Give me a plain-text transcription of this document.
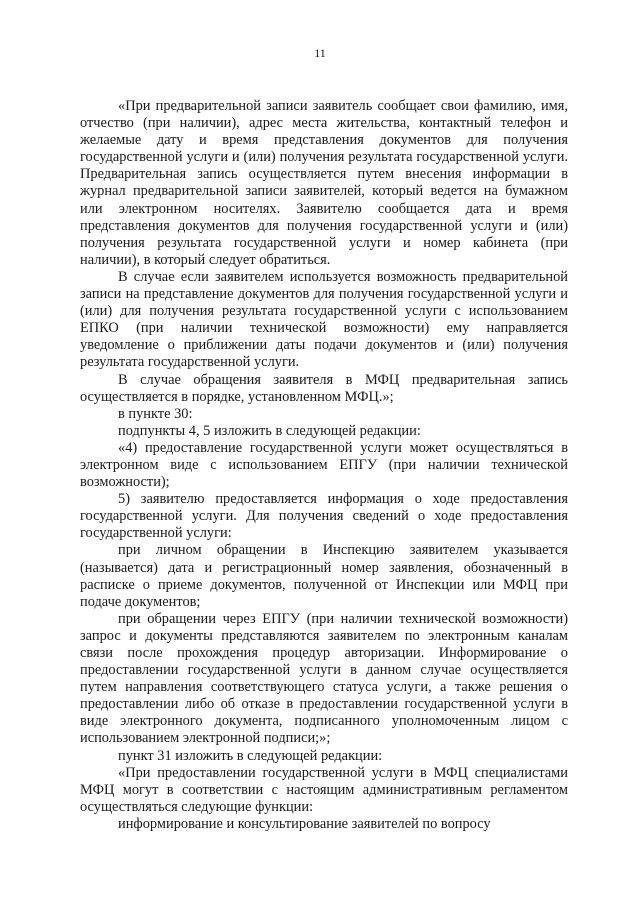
11

«При предварительной записи заявитель сообщает свои фамилию, имя, отчество (при наличии), адрес места жительства, контактный телефон и желаемые дату и время представления документов для получения государственной услуги и (или) получения результата государственной услуги. Предварительная запись осуществляется путем внесения информации в журнал предварительной записи заявителей, который ведется на бумажном или электронном носителях. Заявителю сообщается дата и время представления документов для получения государственной услуги и (или) получения результата государственной услуги и номер кабинета (при наличии), в который следует обратиться.

В случае если заявителем используется возможность предварительной записи на представление документов для получения государственной услуги и (или) для получения результата государственной услуги с использованием ЕПКО (при наличии технической возможности) ему направляется уведомление о приближении даты подачи документов и (или) получения результата государственной услуги.

В случае обращения заявителя в МФЦ предварительная запись осуществляется в порядке, установленном МФЦ.»;

в пункте 30:

подпункты 4, 5 изложить в следующей редакции:

«4) предоставление государственной услуги может осуществляться в электронном виде с использованием ЕПГУ (при наличии технической возможности);

5) заявителю предоставляется информация о ходе предоставления государственной услуги. Для получения сведений о ходе предоставления государственной услуги:

при личном обращении в Инспекцию заявителем указывается (называется) дата и регистрационный номер заявления, обозначенный в расписке о приеме документов, полученной от Инспекции или МФЦ при подаче документов;

при обращении через ЕПГУ (при наличии технической возможности) запрос и документы представляются заявителем по электронным каналам связи после прохождения процедур авторизации. Информирование о предоставлении государственной услуги в данном случае осуществляется путем направления соответствующего статуса услуги, а также решения о предоставлении либо об отказе в предоставлении государственной услуги в виде электронного документа, подписанного уполномоченным лицом с использованием электронной подписи;»;

пункт 31 изложить в следующей редакции:

«При предоставлении государственной услуги в МФЦ специалистами МФЦ могут в соответствии с настоящим административным регламентом осуществляться следующие функции:

информирование и консультирование заявителей по вопросу
